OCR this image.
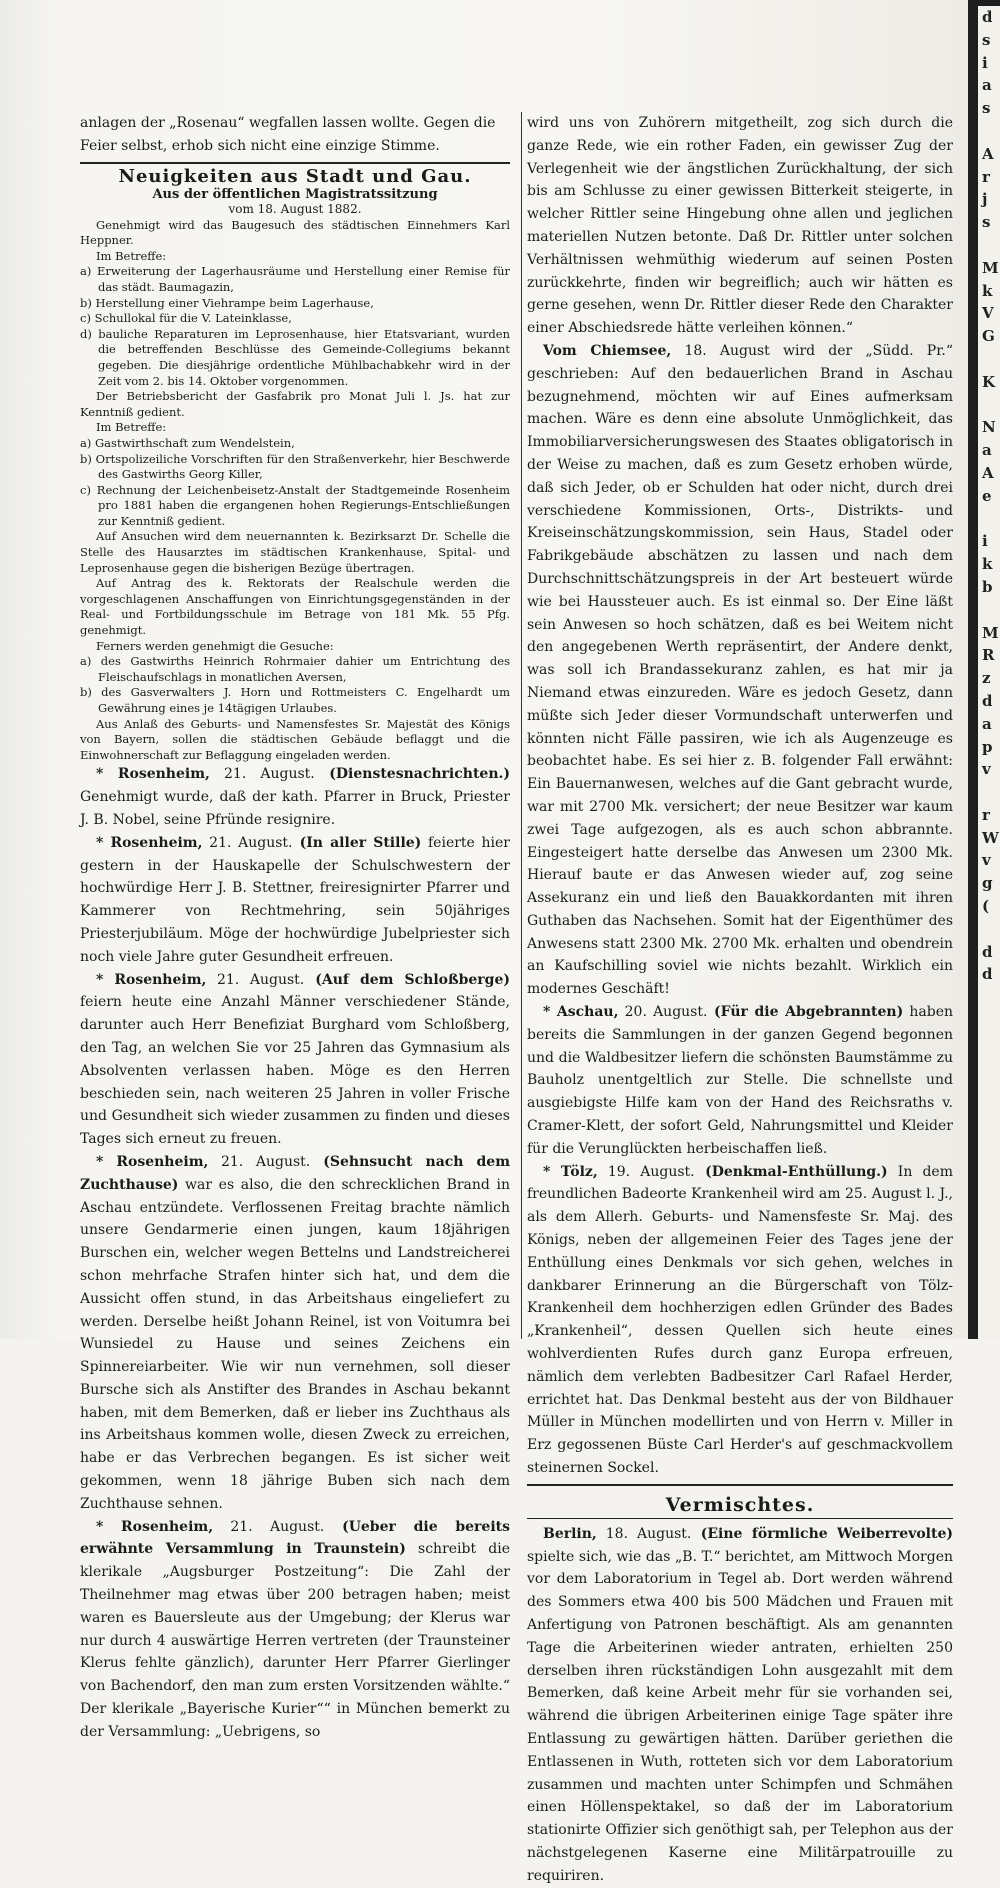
anlagen der „Rosenau“ wegfallen lassen wollte. Gegen die

Feier selbst, erhob sich nicht eine einzige Stimme.

Neuigkeiten aus Stadt und Gau.
Aus der öffentlichen Magistratssitzung
vom 18. August 1882.

Genehmigt wird das Baugesuch des städtischen Einnehmers Karl Heppner.

Im Betreffe:

a) Erweiterung der Lagerhausräume und Herstellung einer Remise für das städt. Baumagazin,

b) Herstellung einer Viehrampe beim Lagerhause,

c) Schullokal für die V. Lateinklasse,

d) bauliche Reparaturen im Leprosenhause, hier Etatsvariant, wurden die betreffenden Beschlüsse des Gemeinde-Collegiums bekannt gegeben. Die diesjährige ordentliche Mühlbachabkehr wird in der Zeit vom 2. bis 14. Oktober vorgenommen.

Der Betriebsbericht der Gasfabrik pro Monat Juli l. Js. hat zur Kenntniß gedient.

Im Betreffe:

a) Gastwirthschaft zum Wendelstein,

b) Ortspolizeiliche Vorschriften für den Straßenverkehr, hier Beschwerde des Gastwirths Georg Killer,

c) Rechnung der Leichenbeisetz-Anstalt der Stadtgemeinde Rosenheim pro 1881 haben die ergangenen hohen Regierungs-Entschließungen zur Kenntniß gedient.

Auf Ansuchen wird dem neuernannten k. Bezirksarzt Dr. Schelle die Stelle des Hausarztes im städtischen Krankenhause, Spital- und Leprosenhause gegen die bisherigen Bezüge übertragen.

Auf Antrag des k. Rektorats der Realschule werden die vorgeschlagenen Anschaffungen von Einrichtungsgegenständen in der Real- und Fortbildungsschule im Betrage von 181 Mk. 55 Pfg. genehmigt.

Ferners werden genehmigt die Gesuche:

a) des Gastwirths Heinrich Rohrmaier dahier um Entrichtung des Fleischaufschlags in monatlichen Aversen,

b) des Gasverwalters J. Horn und Rottmeisters C. Engelhardt um Gewährung eines je 14tägigen Urlaubes.

Aus Anlaß des Geburts- und Namensfestes Sr. Majestät des Königs von Bayern, sollen die städtischen Gebäude beflaggt und die Einwohnerschaft zur Beflaggung eingeladen werden.

* Rosenheim, 21. August. (Dienstesnachrichten.) Genehmigt wurde, daß der kath. Pfarrer in Bruck, Priester J. B. Nobel, seine Pfründe resignire.

* Rosenheim, 21. August. (In aller Stille) feierte hier gestern in der Hauskapelle der Schulschwestern der hochwürdige Herr J. B. Stettner, freiresignirter Pfarrer und Kammerer von Rechtmehring, sein 50jähriges Priesterjubiläum. Möge der hochwürdige Jubelpriester sich noch viele Jahre guter Gesundheit erfreuen.

* Rosenheim, 21. August. (Auf dem Schloßberge) feiern heute eine Anzahl Männer verschiedener Stände, darunter auch Herr Benefiziat Burghard vom Schloßberg, den Tag, an welchen Sie vor 25 Jahren das Gymnasium als Absolventen verlassen haben. Möge es den Herren beschieden sein, nach weiteren 25 Jahren in voller Frische und Gesundheit sich wieder zusammen zu finden und dieses Tages sich erneut zu freuen.

* Rosenheim, 21. August. (Sehnsucht nach dem Zuchthause) war es also, die den schrecklichen Brand in Aschau entzündete. Verflossenen Freitag brachte nämlich unsere Gendarmerie einen jungen, kaum 18jährigen Burschen ein, welcher wegen Bettelns und Landstreicherei schon mehrfache Strafen hinter sich hat, und dem die Aussicht offen stund, in das Arbeitshaus eingeliefert zu werden. Derselbe heißt Johann Reinel, ist von Voitumra bei Wunsiedel zu Hause und seines Zeichens ein Spinnereiarbeiter. Wie wir nun vernehmen, soll dieser Bursche sich als Anstifter des Brandes in Aschau bekannt haben, mit dem Bemerken, daß er lieber ins Zuchthaus als ins Arbeitshaus kommen wolle, diesen Zweck zu erreichen, habe er das Verbrechen begangen. Es ist sicher weit gekommen, wenn 18 jährige Buben sich nach dem Zuchthause sehnen.

* Rosenheim, 21. August. (Ueber die bereits erwähnte Versammlung in Traunstein) schreibt die klerikale „Augsburger Postzeitung“: Die Zahl der Theilnehmer mag etwas über 200 betragen haben; meist waren es Bauersleute aus der Umgebung; der Klerus war nur durch 4 auswärtige Herren vertreten (der Traunsteiner Klerus fehlte gänzlich), darunter Herr Pfarrer Gierlinger von Bachendorf, den man zum ersten Vorsitzenden wählte.“ Der klerikale „Bayerische Kurier““ in München bemerkt zu der Versammlung: „Uebrigens, so

wird uns von Zuhörern mitgetheilt, zog sich durch die ganze Rede, wie ein rother Faden, ein gewisser Zug der Verlegenheit wie der ängstlichen Zurückhaltung, der sich bis am Schlusse zu einer gewissen Bitterkeit steigerte, in welcher Rittler seine Hingebung ohne allen und jeglichen materiellen Nutzen betonte. Daß Dr. Rittler unter solchen Verhältnissen wehmüthig wiederum auf seinen Posten zurückkehrte, finden wir begreiflich; auch wir hätten es gerne gesehen, wenn Dr. Rittler dieser Rede den Charakter einer Abschiedsrede hätte verleihen können.“

Vom Chiemsee, 18. August wird der „Südd. Pr.“ geschrieben: Auf den bedauerlichen Brand in Aschau bezugnehmend, möchten wir auf Eines aufmerksam machen. Wäre es denn eine absolute Unmöglichkeit, das Immobiliarversicherungswesen des Staates obligatorisch in der Weise zu machen, daß es zum Gesetz erhoben würde, daß sich Jeder, ob er Schulden hat oder nicht, durch drei verschiedene Kommissionen, Orts-, Distrikts- und Kreiseinschätzungskommission, sein Haus, Stadel oder Fabrikgebäude abschätzen zu lassen und nach dem Durchschnittschätzungspreis in der Art besteuert würde wie bei Haussteuer auch. Es ist einmal so. Der Eine läßt sein Anwesen so hoch schätzen, daß es bei Weitem nicht den angegebenen Werth repräsentirt, der Andere denkt, was soll ich Brandassekuranz zahlen, es hat mir ja Niemand etwas einzureden. Wäre es jedoch Gesetz, dann müßte sich Jeder dieser Vormundschaft unterwerfen und könnten nicht Fälle passiren, wie ich als Augenzeuge es beobachtet habe. Es sei hier z. B. folgender Fall erwähnt: Ein Bauernanwesen, welches auf die Gant gebracht wurde, war mit 2700 Mk. versichert; der neue Besitzer war kaum zwei Tage aufgezogen, als es auch schon abbrannte. Eingesteigert hatte derselbe das Anwesen um 2300 Mk. Hierauf baute er das Anwesen wieder auf, zog seine Assekuranz ein und ließ den Bauakkordanten mit ihren Guthaben das Nachsehen. Somit hat der Eigenthümer des Anwesens statt 2300 Mk. 2700 Mk. erhalten und obendrein an Kaufschilling soviel wie nichts bezahlt. Wirklich ein modernes Geschäft!

* Aschau, 20. August. (Für die Abgebrannten) haben bereits die Sammlungen in der ganzen Gegend begonnen und die Waldbesitzer liefern die schönsten Baumstämme zu Bauholz unentgeltlich zur Stelle. Die schnellste und ausgiebigste Hilfe kam von der Hand des Reichsraths v. Cramer-Klett, der sofort Geld, Nahrungsmittel und Kleider für die Verunglückten herbeischaffen ließ.

* Tölz, 19. August. (Denkmal-Enthüllung.) In dem freundlichen Badeorte Krankenheil wird am 25. August l. J., als dem Allerh. Geburts- und Namensfeste Sr. Maj. des Königs, neben der allgemeinen Feier des Tages jene der Enthüllung eines Denkmals vor sich gehen, welches in dankbarer Erinnerung an die Bürgerschaft von Tölz-Krankenheil dem hochherzigen edlen Gründer des Bades „Krankenheil“, dessen Quellen sich heute eines wohlverdienten Rufes durch ganz Europa erfreuen, nämlich dem verlebten Badbesitzer Carl Rafael Herder, errichtet hat. Das Denkmal besteht aus der von Bildhauer Müller in München modellirten und von Herrn v. Miller in Erz gegossenen Büste Carl Herder's auf geschmackvollem steinernen Sockel.

Vermischtes.

Berlin, 18. August. (Eine förmliche Weiberrevolte) spielte sich, wie das „B. T.“ berichtet, am Mittwoch Morgen vor dem Laboratorium in Tegel ab. Dort werden während des Sommers etwa 400 bis 500 Mädchen und Frauen mit Anfertigung von Patronen beschäftigt. Als am genannten Tage die Arbeiterinen wieder antraten, erhielten 250 derselben ihren rückständigen Lohn ausgezahlt mit dem Bemerken, daß keine Arbeit mehr für sie vorhanden sei, während die übrigen Arbeiterinen einige Tage später ihre Entlassung zu gewärtigen hätten. Darüber geriethen die Entlassenen in Wuth, rotteten sich vor dem Laboratorium zusammen und machten unter Schimpfen und Schmähen einen Höllenspektakel, so daß der im Laboratorium stationirte Offizier sich genöthigt sah, per Telephon aus der nächstgelegenen Kaserne eine Militärpatrouille zu requiriren.

d
s
i
a
s

A
r
j
s

M
k
V
G

K

N
a
A
e

i
k
b

M
R
z
d
a
p
v

r
W
v
g
(

d
d
